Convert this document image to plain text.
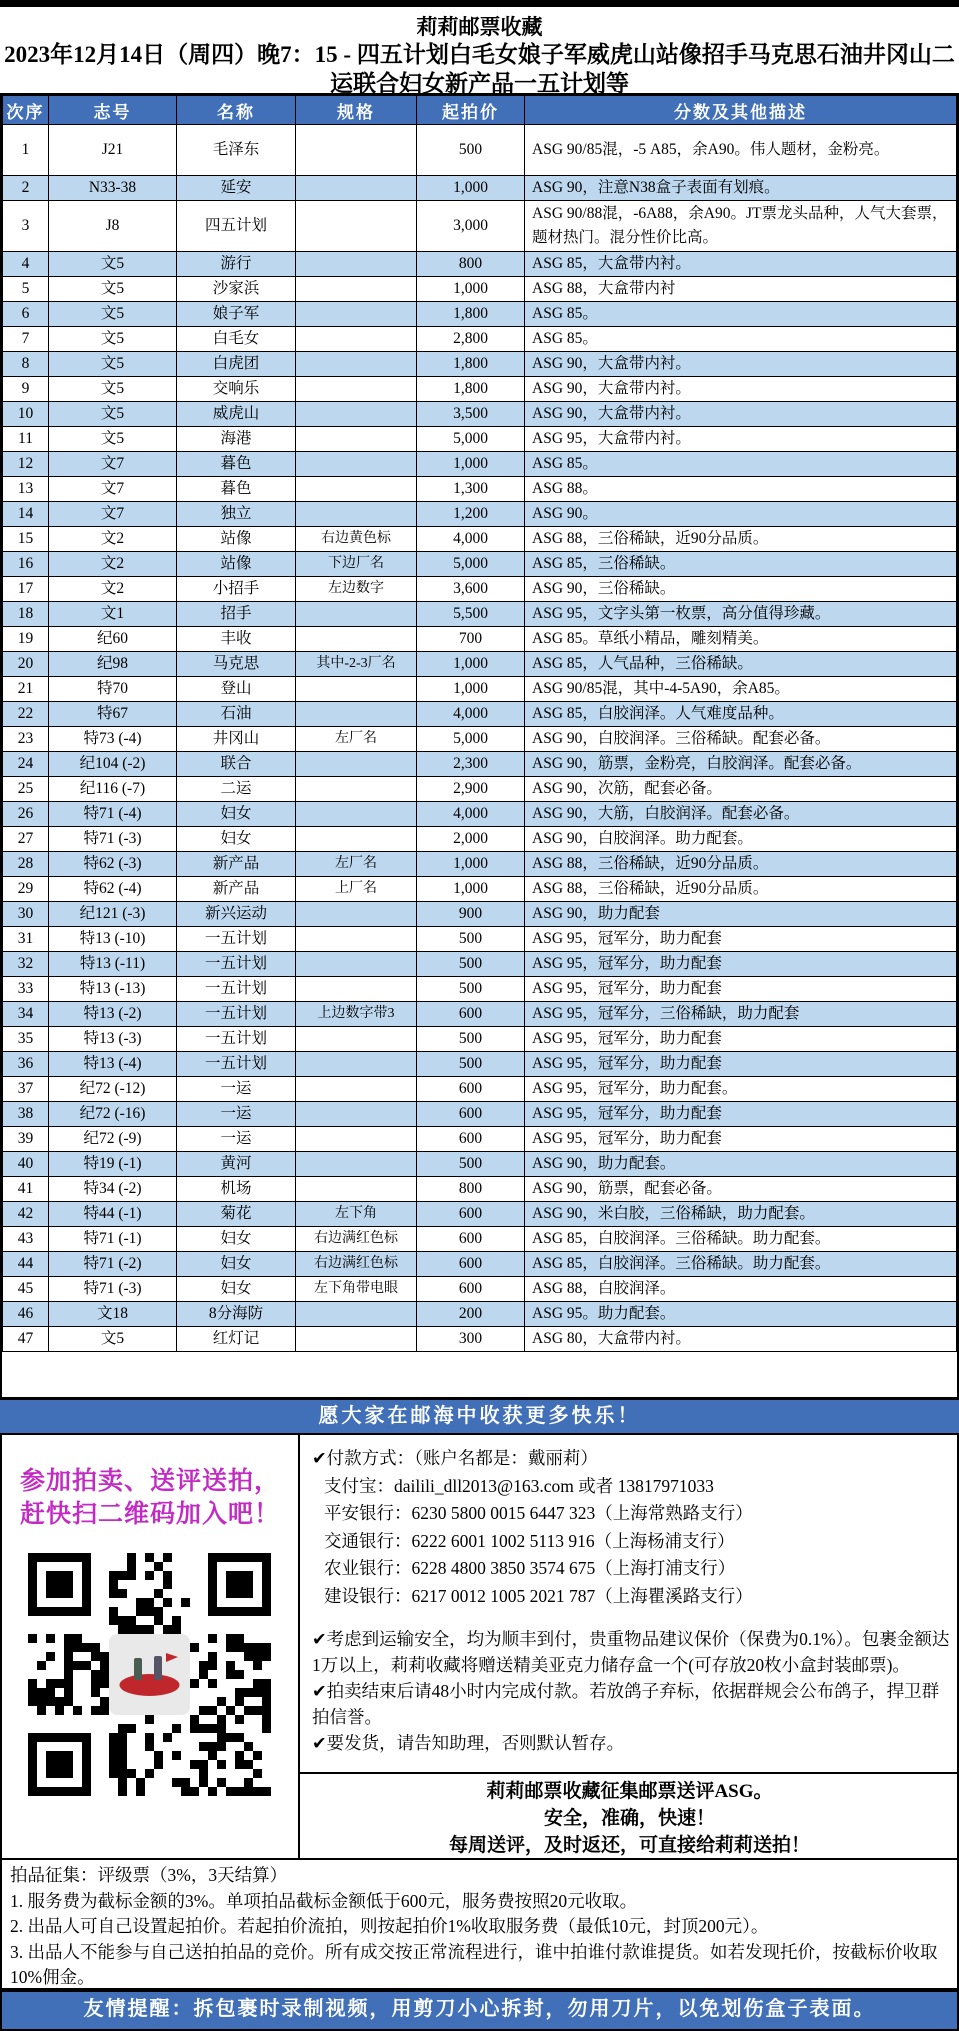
莉莉邮票收藏
2023年12月14日（周四）晚7：15 - 四五计划白毛女娘子军威虎山站像招手马克思石油井冈山二
运联合妇女新产品一五计划等
次序	志号	名称	规格	起拍价	分数及其他描述
1	J21	毛泽东		500	ASG 90/85混，-5 A85，余A90。伟人题材，金粉亮。
2	N33-38	延安		1,000	ASG 90，注意N38盒子表面有划痕。
3	J8	四五计划		3,000	ASG 90/88混，-6A88，余A90。JT票龙头品种，人气大套票，题材热门。混分性价比高。
4	文5	游行		800	ASG 85，大盒带内衬。
5	文5	沙家浜		1,000	ASG 88，大盒带内衬
6	文5	娘子军		1,800	ASG 85。
7	文5	白毛女		2,800	ASG 85。
8	文5	白虎团		1,800	ASG 90，大盒带内衬。
9	文5	交响乐		1,800	ASG 90，大盒带内衬。
10	文5	威虎山		3,500	ASG 90，大盒带内衬。
11	文5	海港		5,000	ASG 95，大盒带内衬。
12	文7	暮色		1,000	ASG 85。
13	文7	暮色		1,300	ASG 88。
14	文7	独立		1,200	ASG 90。
15	文2	站像	右边黄色标	4,000	ASG 88，三俗稀缺，近90分品质。
16	文2	站像	下边厂名	5,000	ASG 85，三俗稀缺。
17	文2	小招手	左边数字	3,600	ASG 90，三俗稀缺。
18	文1	招手		5,500	ASG 95，文字头第一枚票，高分值得珍藏。
19	纪60	丰收		700	ASG 85。草纸小精品，雕刻精美。
20	纪98	马克思	其中-2-3厂名	1,000	ASG 85，人气品种，三俗稀缺。
21	特70	登山		1,000	ASG 90/85混，其中-4-5A90，余A85。
22	特67	石油		4,000	ASG 85，白胶润泽。人气难度品种。
23	特73 (-4)	井冈山	左厂名	5,000	ASG 90，白胶润泽。三俗稀缺。配套必备。
24	纪104 (-2)	联合		2,300	ASG 90，筋票，金粉亮，白胶润泽。配套必备。
25	纪116 (-7)	二运		2,900	ASG 90，次筋，配套必备。
26	特71 (-4)	妇女		4,000	ASG 90，大筋，白胶润泽。配套必备。
27	特71 (-3)	妇女		2,000	ASG 90，白胶润泽。助力配套。
28	特62 (-3)	新产品	左厂名	1,000	ASG 88，三俗稀缺，近90分品质。
29	特62 (-4)	新产品	上厂名	1,000	ASG 88，三俗稀缺，近90分品质。
30	纪121 (-3)	新兴运动		900	ASG 90，助力配套
31	特13 (-10)	一五计划		500	ASG 95，冠军分，助力配套
32	特13 (-11)	一五计划		500	ASG 95，冠军分，助力配套
33	特13 (-13)	一五计划		500	ASG 95，冠军分，助力配套
34	特13 (-2)	一五计划	上边数字带3	600	ASG 95，冠军分，三俗稀缺，助力配套
35	特13 (-3)	一五计划		500	ASG 95，冠军分，助力配套
36	特13 (-4)	一五计划		500	ASG 95，冠军分，助力配套
37	纪72 (-12)	一运		600	ASG 95，冠军分，助力配套。
38	纪72 (-16)	一运		600	ASG 95，冠军分，助力配套
39	纪72 (-9)	一运		600	ASG 95，冠军分，助力配套
40	特19 (-1)	黄河		500	ASG 90，助力配套。
41	特34 (-2)	机场		800	ASG 90，筋票，配套必备。
42	特44 (-1)	菊花	左下角	600	ASG 90，米白胶，三俗稀缺，助力配套。
43	特71 (-1)	妇女	右边满红色标	600	ASG 85，白胶润泽。三俗稀缺。助力配套。
44	特71 (-2)	妇女	右边满红色标	600	ASG 85，白胶润泽。三俗稀缺。助力配套。
45	特71 (-3)	妇女	左下角带电眼	600	ASG 88，白胶润泽。
46	文18	8分海防		200	ASG 95。助力配套。
47	文5	红灯记		300	ASG 80，大盒带内衬。
愿大家在邮海中收获更多快乐！
参加拍卖、送评送拍，
赶快扫二维码加入吧！
✔付款方式：（账户名都是：戴丽莉）
支付宝：dailili_dll2013@163.com 或者 13817971033
平安银行：6230 5800 0015 6447 323（上海常熟路支行）
交通银行：6222 6001 1002 5113 916（上海杨浦支行）
农业银行：6228 4800 3850 3574 675（上海打浦支行）
建设银行：6217 0012 1005 2021 787（上海瞿溪路支行）
✔考虑到运输安全，均为顺丰到付，贵重物品建议保价（保费为0.1%）。包裹金额达1万以上，莉莉收藏将赠送精美亚克力储存盒一个(可存放20枚小盒封装邮票)。
✔拍卖结束后请48小时内完成付款。若放鸽子弃标，依据群规会公布鸽子，捍卫群拍信誉。
✔要发货，请告知助理，否则默认暂存。
莉莉邮票收藏征集邮票送评ASG。
安全，准确，快速！
每周送评，及时返还，可直接给莉莉送拍！
拍品征集：评级票（3%，3天结算）
1. 服务费为截标金额的3%。单项拍品截标金额低于600元，服务费按照20元收取。
2. 出品人可自己设置起拍价。若起拍价流拍，则按起拍价1%收取服务费（最低10元，封顶200元）。
3. 出品人不能参与自己送拍拍品的竞价。所有成交按正常流程进行，谁中拍谁付款谁提货。如若发现托价，按截标价收取10%佣金。
友情提醒：拆包裹时录制视频，用剪刀小心拆封，勿用刀片，以免划伤盒子表面。
